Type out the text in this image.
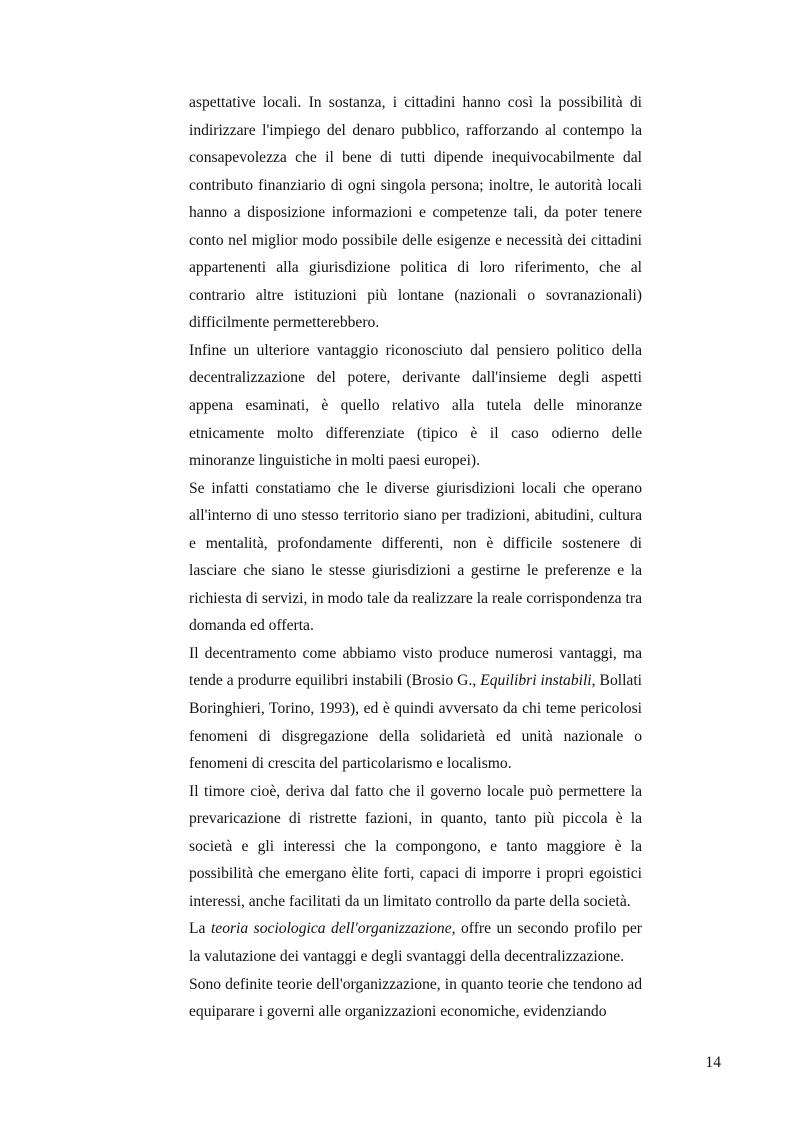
aspettative locali. In sostanza, i cittadini hanno così la possibilità di indirizzare l'impiego del denaro pubblico, rafforzando al contempo la consapevolezza che il bene di tutti dipende inequivocabilmente dal contributo finanziario di ogni singola persona; inoltre, le autorità locali hanno a disposizione informazioni e competenze tali, da poter tenere conto nel miglior modo possibile delle esigenze e necessità dei cittadini appartenenti alla giurisdizione politica di loro riferimento, che al contrario altre istituzioni più lontane (nazionali o sovranazionali) difficilmente permetterebbero.

Infine un ulteriore vantaggio riconosciuto dal pensiero politico della decentralizzazione del potere, derivante dall'insieme degli aspetti appena esaminati, è quello relativo alla tutela delle minoranze etnicamente molto differenziate (tipico è il caso odierno delle minoranze linguistiche in molti paesi europei).

Se infatti constatiamo che le diverse giurisdizioni locali che operano all'interno di uno stesso territorio siano per tradizioni, abitudini, cultura e mentalità, profondamente differenti, non è difficile sostenere di lasciare che siano le stesse giurisdizioni a gestirne le preferenze e la richiesta di servizi, in modo tale da realizzare la reale corrispondenza tra domanda ed offerta.

Il decentramento come abbiamo visto produce numerosi vantaggi, ma tende a produrre equilibri instabili (Brosio G., Equilibri instabili, Bollati Boringhieri, Torino, 1993), ed è quindi avversato da chi teme pericolosi fenomeni di disgregazione della solidarietà ed unità nazionale o fenomeni di crescita del particolarismo e localismo.

Il timore cioè, deriva dal fatto che il governo locale può permettere la prevaricazione di ristrette fazioni, in quanto, tanto più piccola è la società e gli interessi che la compongono, e tanto maggiore è la possibilità che emergano èlite forti, capaci di imporre i propri egoistici interessi, anche facilitati da un limitato controllo da parte della società.

La teoria sociologica dell'organizzazione, offre un secondo profilo per la valutazione dei vantaggi e degli svantaggi della decentralizzazione.

Sono definite teorie dell'organizzazione, in quanto teorie che tendono ad equiparare i governi alle organizzazioni economiche, evidenziando

14
